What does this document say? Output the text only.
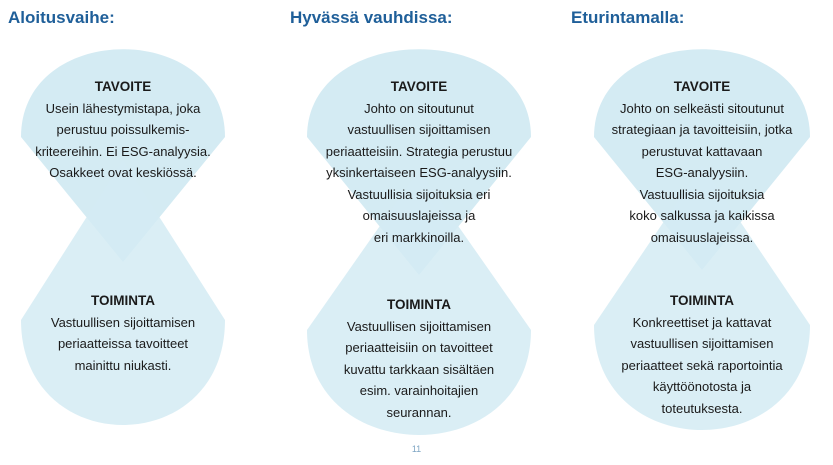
Aloitusvaihe:	Hyvässä vauhdissa:	Eturintamalla:
TAVOITE
Usein lähestymistapa, joka
perustuu poissulkemis-
kriteereihin. Ei ESG-analyysia.
Osakkeet ovat keskiössä.
TOIMINTA
Vastuullisen sijoittamisen
periaatteissa tavoitteet
mainittu niukasti.
TAVOITE
Johto on sitoutunut
vastuullisen sijoittamisen
periaatteisiin. Strategia perustuu
yksinkertaiseen ESG-analyysiin.
Vastuullisia sijoituksia eri
omaisuuslajeissa ja
eri markkinoilla.
TOIMINTA
Vastuullisen sijoittamisen
periaatteisiin on tavoitteet
kuvattu tarkkaan sisältäen
esim. varainhoitajien
seurannan.
TAVOITE
Johto on selkeästi sitoutunut
strategiaan ja tavoitteisiin, jotka
perustuvat kattavaan
ESG-analyysiin.
Vastuullisia sijoituksia
koko salkussa ja kaikissa
omaisuuslajeissa.
TOIMINTA
Konkreettiset ja kattavat
vastuullisen sijoittamisen
periaatteet sekä raportointia
käyttöönotosta ja
toteutuksesta.
11
